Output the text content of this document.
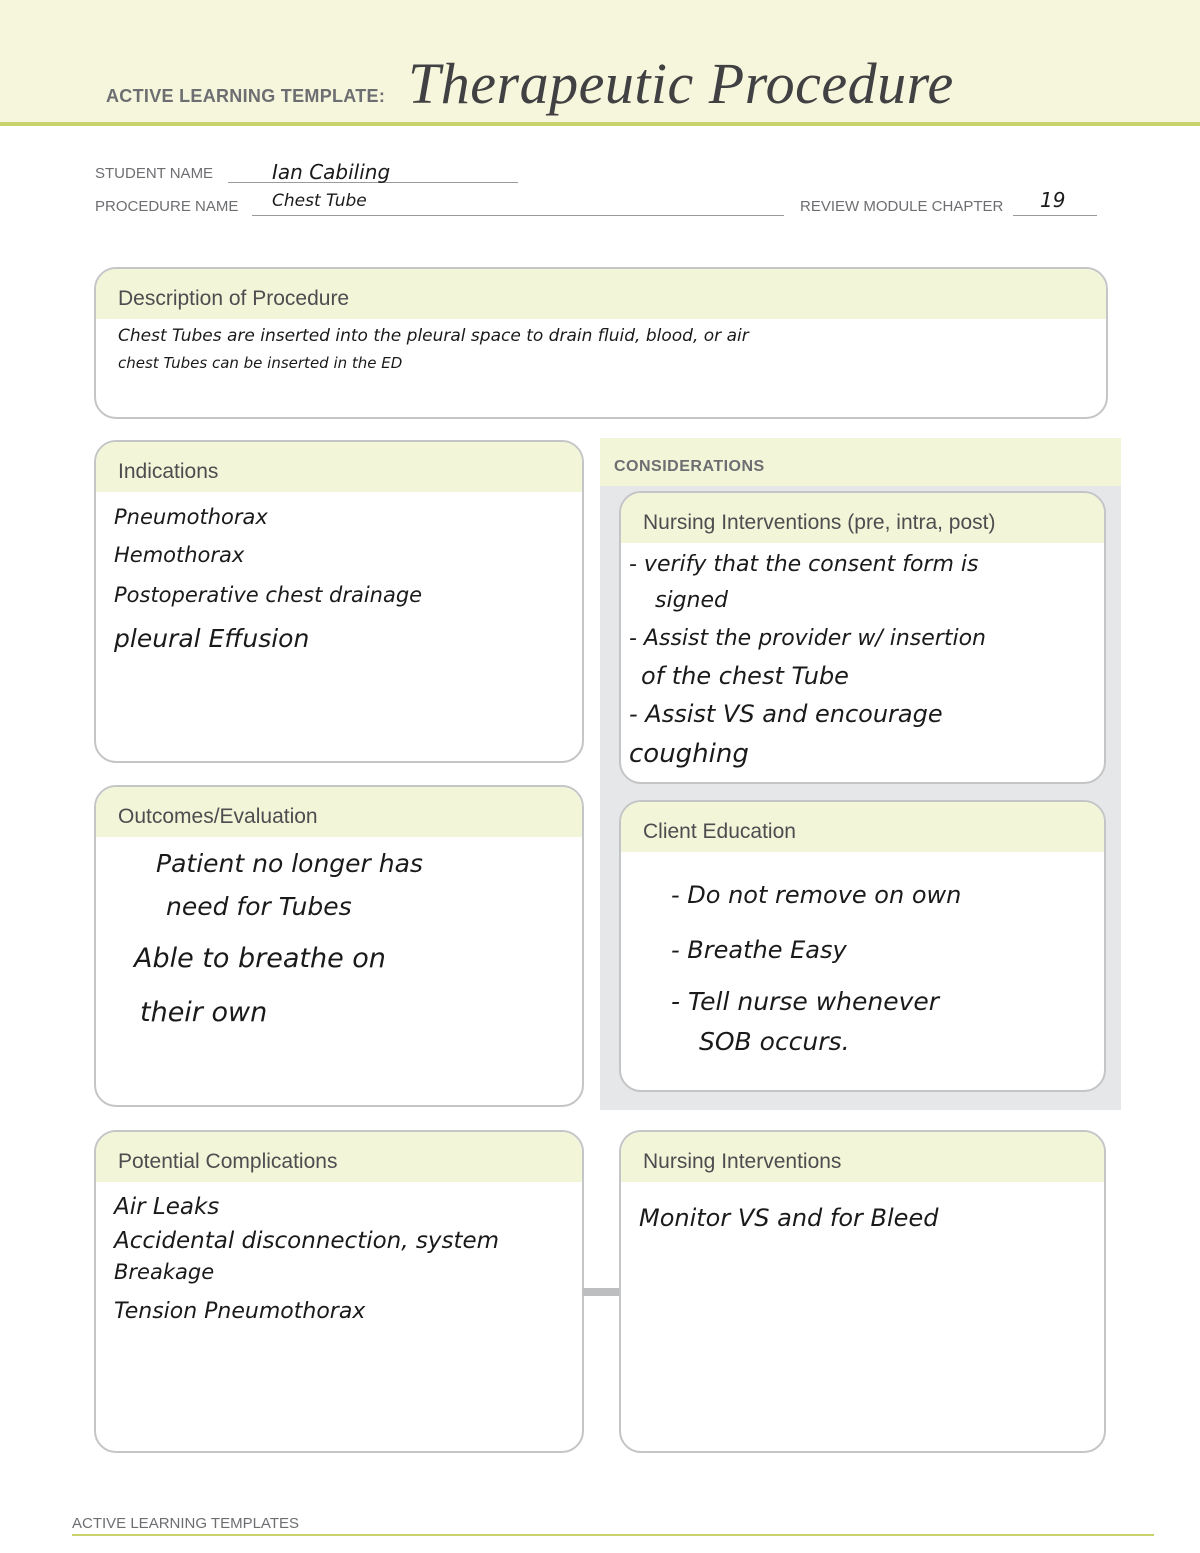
ACTIVE LEARNING TEMPLATE: Therapeutic Procedure
STUDENT NAME	Ian Cabiling
PROCEDURE NAME Chest Tube	REVIEW MODULE CHAPTER 19
Description of Procedure
Chest Tubes are inserted into the pleural space to drain fluid, blood, or air
chest Tubes can be inserted in the ED
Indications
Pneumothorax
Hemothorax
Postoperative chest drainage
pleural Effusion
CONSIDERATIONS
Nursing Interventions (pre, intra, post)
- verify that the consent form is
signed
- Assist the provider w/ insertion
of the chest Tube
- Assist VS and encourage
coughing
Outcomes/Evaluation
Patient no longer has
need for Tubes
Able to breathe on
their own
Client Education
- Do not remove on own
- Breathe Easy
- Tell nurse whenever
SOB occurs.
Potential Complications
Air Leaks
Accidental disconnection, system
Breakage
Tension Pneumothorax
Nursing Interventions
Monitor VS and for Bleed
ACTIVE LEARNING TEMPLATES
